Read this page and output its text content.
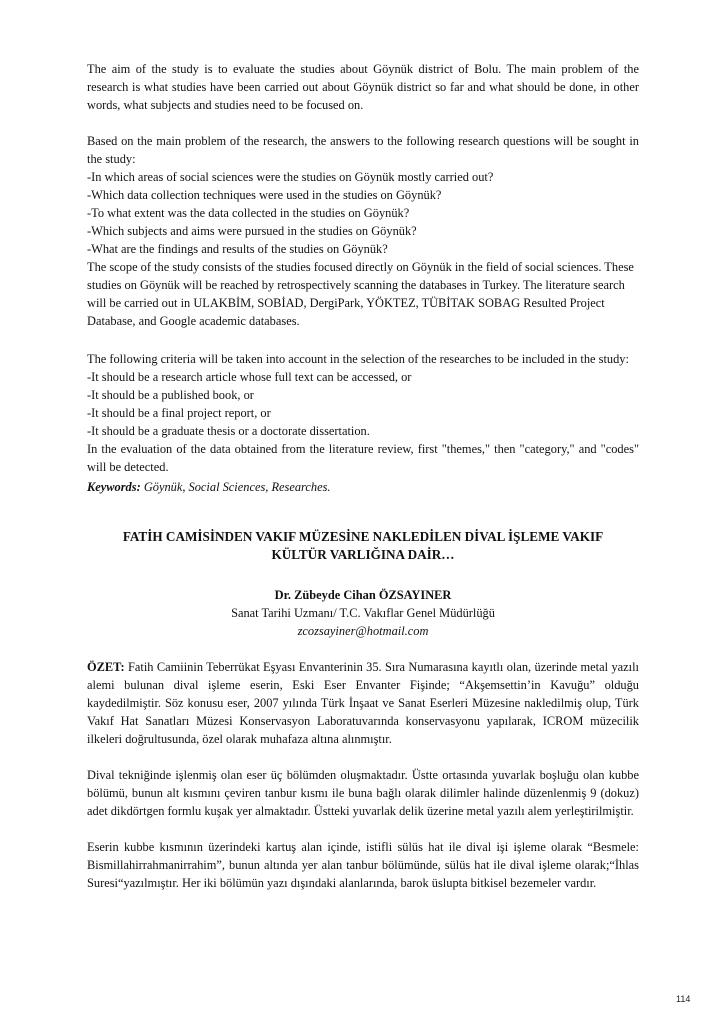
The aim of the study is to evaluate the studies about Göynük district of Bolu. The main problem of the research is what studies have been carried out about Göynük district so far and what should be done, in other words, what subjects and studies need to be focused on.

Based on the main problem of the research, the answers to the following research questions will be sought in the study:

-In which areas of social sciences were the studies on Göynük mostly carried out?

-Which data collection techniques were used in the studies on Göynük?

-To what extent was the data collected in the studies on Göynük?

-Which subjects and aims were pursued in the studies on Göynük?

-What are the findings and results of the studies on Göynük?

The scope of the study consists of the studies focused directly on Göynük in the field of social sciences. These studies on Göynük will be reached by retrospectively scanning the databases in Turkey. The literature search will be carried out in ULAKBİM, SOBİAD, DergiPark, YÖKTEZ, TÜBİTAK SOBAG Resulted Project Database, and Google academic databases.

The following criteria will be taken into account in the selection of the researches to be included in the study:

-It should be a research article whose full text can be accessed, or

-It should be a published book, or

-It should be a final project report, or

-It should be a graduate thesis or a doctorate dissertation.

In the evaluation of the data obtained from the literature review, first "themes," then "category," and "codes" will be detected.

Keywords: Göynük, Social Sciences, Researches.

FATİH CAMİSİNDEN VAKIF MÜZESİNE NAKLEDİLEN DİVAL İŞLEME VAKIF
KÜLTÜR VARLIĞINA DAİR…

Dr. Zübeyde Cihan ÖZSAYINER

Sanat Tarihi Uzmanı/ T.C. Vakıflar Genel Müdürlüğü

zcozsayiner@hotmail.com

ÖZET: Fatih Camiinin Teberrükat Eşyası Envanterinin 35. Sıra Numarasına kayıtlı olan, üzerinde metal yazılı alemi bulunan dival işleme eserin, Eski Eser Envanter Fişinde; “Akşemsettin’in Kavuğu” olduğu kaydedilmiştir. Söz konusu eser, 2007 yılında Türk İnşaat ve Sanat Eserleri Müzesine nakledilmiş olup, Türk Vakıf Hat Sanatları Müzesi Konservasyon Laboratuvarında konservasyonu yapılarak, ICROM müzecilik ilkeleri doğrultusunda, özel olarak muhafaza altına alınmıştır.

Dival tekniğinde işlenmiş olan eser üç bölümden oluşmaktadır. Üstte ortasında yuvarlak boşluğu olan kubbe bölümü, bunun alt kısmını çeviren tanbur kısmı ile buna bağlı olarak dilimler halinde düzenlenmiş 9 (dokuz) adet dikdörtgen formlu kuşak yer almaktadır. Üstteki yuvarlak delik üzerine metal yazılı alem yerleştirilmiştir.

Eserin kubbe kısmının üzerindeki kartuş alan içinde, istifli sülüs hat ile dival işi işleme olarak “Besmele: Bismillahirrahmanirrahim”, bunun altında yer alan tanbur bölümünde, sülüs hat ile dival işleme olarak;“İhlas Suresi“yazılmıştır. Her iki bölümün yazı dışındaki alanlarında, barok üslupta bitkisel bezemeler vardır.

114
